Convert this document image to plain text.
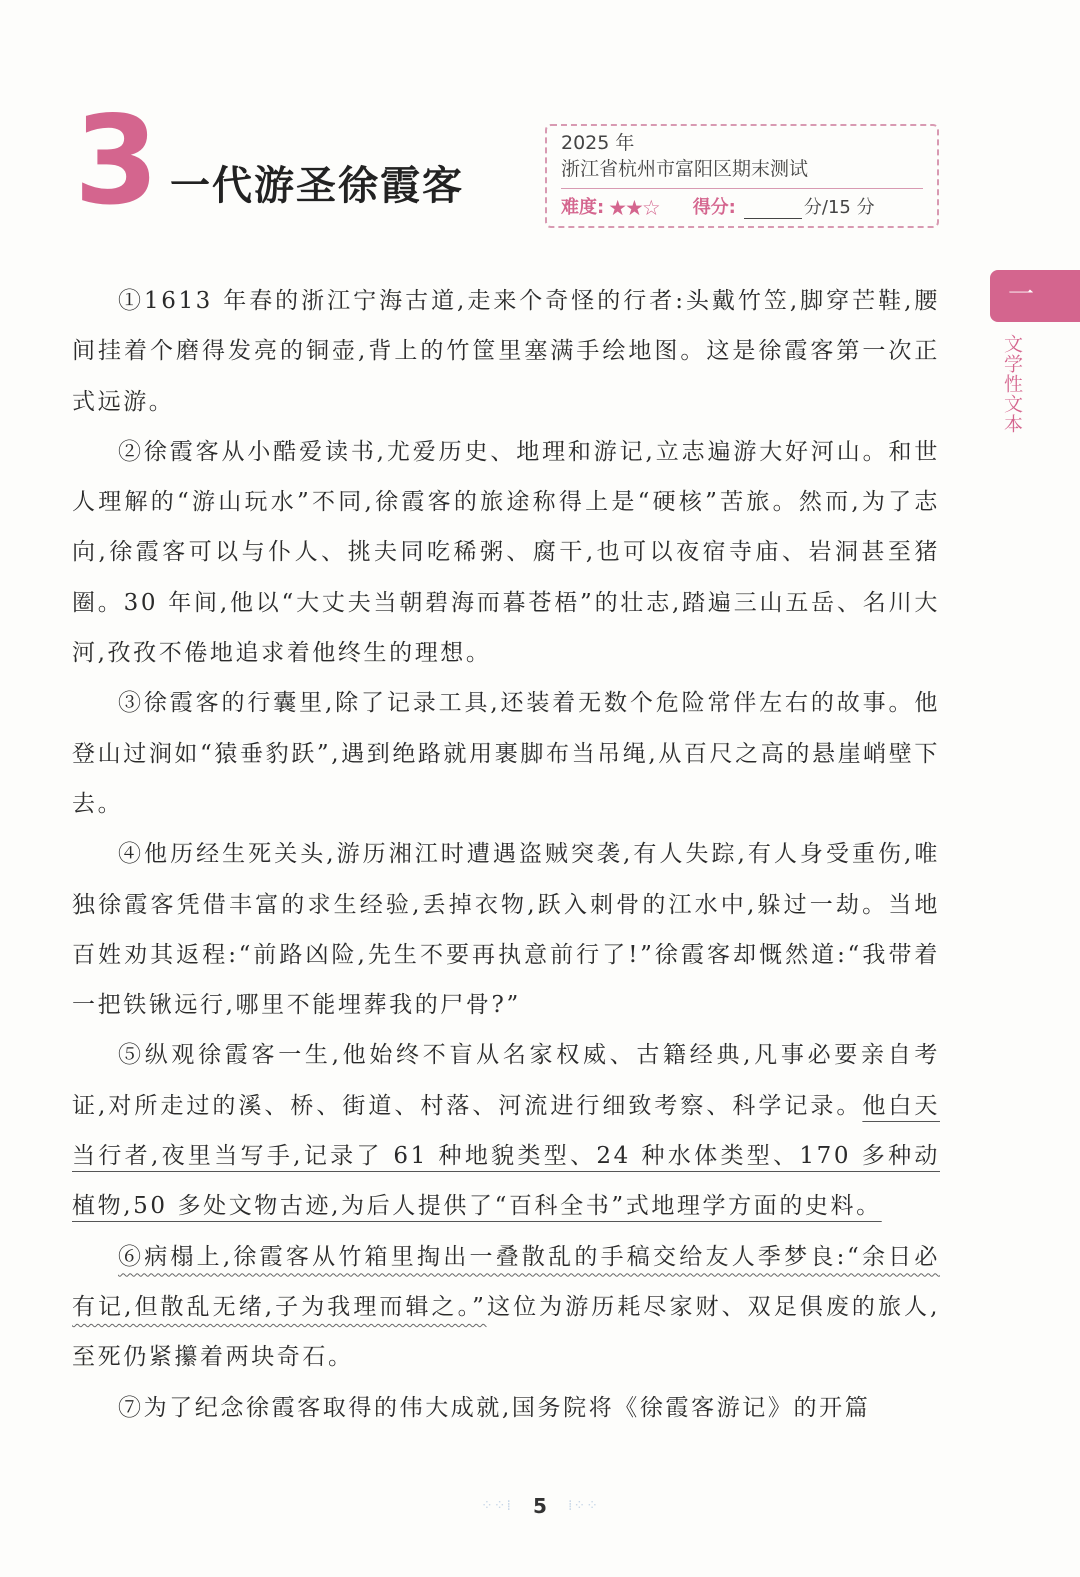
3 一代游圣徐霞客
2025 年
浙江省杭州市富阳区期末测试
难度: ★★☆ 得分:	分/15 分
一
文学性文本

①1613 年春的浙江宁海古道,走来个奇怪的行者:头戴竹笠,脚穿芒鞋,腰间挂着个磨得发亮的铜壶,背上的竹筐里塞满手绘地图。这是徐霞客第一次正式远游。

②徐霞客从小酷爱读书,尤爱历史、地理和游记,立志遍游大好河山。和世人理解的“游山玩水”不同,徐霞客的旅途称得上是“硬核”苦旅。然而,为了志向,徐霞客可以与仆人、挑夫同吃稀粥、腐干,也可以夜宿寺庙、岩洞甚至猪圈。30 年间,他以“大丈夫当朝碧海而暮苍梧”的壮志,踏遍三山五岳、名川大河,孜孜不倦地追求着他终生的理想。

③徐霞客的行囊里,除了记录工具,还装着无数个危险常伴左右的故事。他登山过涧如“猿垂豹跃”,遇到绝路就用裹脚布当吊绳,从百尺之高的悬崖峭壁下去。

④他历经生死关头,游历湘江时遭遇盗贼突袭,有人失踪,有人身受重伤,唯独徐霞客凭借丰富的求生经验,丢掉衣物,跃入刺骨的江水中,躲过一劫。当地百姓劝其返程:“前路凶险,先生不要再执意前行了!”徐霞客却慨然道:“我带着一把铁锹远行,哪里不能埋葬我的尸骨?”

⑤纵观徐霞客一生,他始终不盲从名家权威、古籍经典,凡事必要亲自考证,对所走过的溪、桥、街道、村落、河流进行细致考察、科学记录。他白天当行者,夜里当写手,记录了 61 种地貌类型、24 种水体类型、170 多种动植物,50 多处文物古迹,为后人提供了“百科全书”式地理学方面的史料。

⑥病榻上,徐霞客从竹箱里掏出一叠散乱的手稿交给友人季梦良:“余日必有记,但散乱无绪,子为我理而辑之。”这位为游历耗尽家财、双足俱废的旅人,至死仍紧攥着两块奇石。

⑦为了纪念徐霞客取得的伟大成就,国务院将《徐霞客游记》的开篇

⁘⁘⁞ 5 ⁞⁘⁘
